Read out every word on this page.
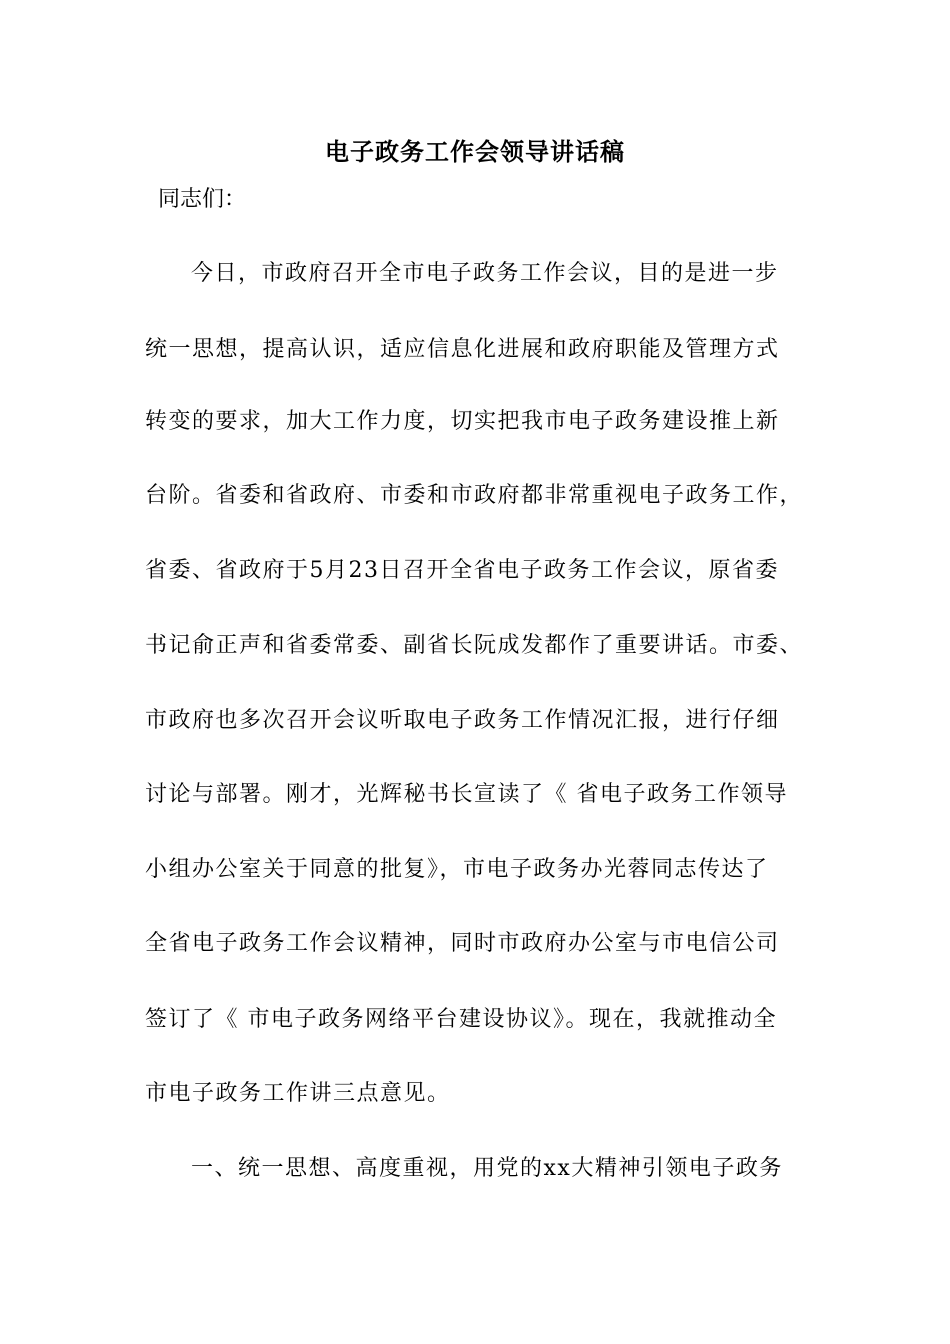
电子政务工作会领导讲话稿
同志们：
今日，市政府召开全市电子政务工作会议，目的是进一步
统一思想，提高认识，适应信息化进展和政府职能及管理方式
转变的要求，加大工作力度，切实把我市电子政务建设推上新
台阶。省委和省政府、市委和市政府都非常重视电子政务工作，
省委、省政府于5月23日召开全省电子政务工作会议，原省委
书记俞正声和省委常委、副省长阮成发都作了重要讲话。市委、
市政府也多次召开会议听取电子政务工作情况汇报，进行仔细
讨论与部署。刚才，光辉秘书长宣读了《 省电子政务工作领导
小组办公室关于同意的批复》，市电子政务办光蓉同志传达了
全省电子政务工作会议精神，同时市政府办公室与市电信公司
签订了《 市电子政务网络平台建设协议》。现在，我就推动全
市电子政务工作讲三点意见。
一、统一思想、高度重视，用党的xx大精神引领电子政务
